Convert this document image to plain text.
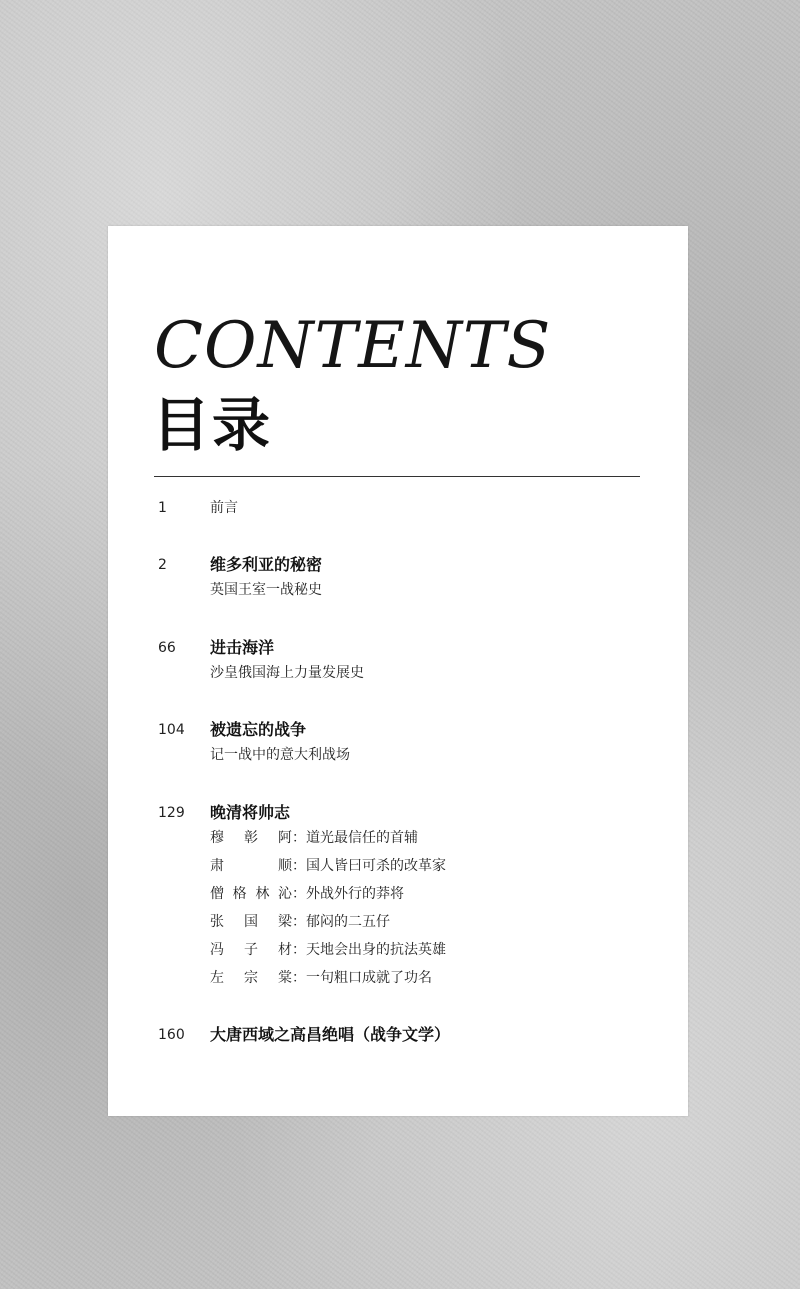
CONTENTS
目录
1	前言
2	维多利亚的秘密
英国王室一战秘史
66 进击海洋
沙皇俄国海上力量发展史
104 被遗忘的战争
记一战中的意大利战场
129 晚清将帅志
穆彰阿：道光最信任的首辅
肃顺：国人皆曰可杀的改革家
僧格林沁：外战外行的莽将
张国梁：郁闷的二五仔
冯子材：天地会出身的抗法英雄
左宗棠：一句粗口成就了功名
160 大唐西域之高昌绝唱（战争文学）
